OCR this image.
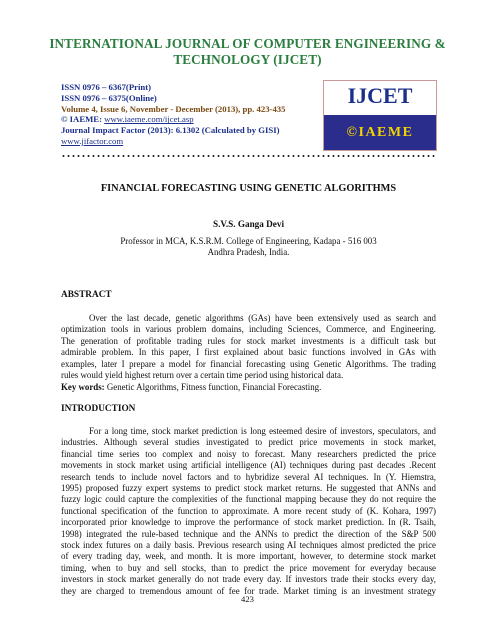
INTERNATIONAL JOURNAL OF COMPUTER ENGINEERING &
TECHNOLOGY (IJCET)
ISSN 0976 – 6367(Print)
ISSN 0976 – 6375(Online)
Volume 4, Issue 6, November - December (2013), pp. 423-435
© IAEME: www.iaeme.com/ijcet.asp
Journal Impact Factor (2013): 6.1302 (Calculated by GISI)
www.jifactor.com
IJCET
©IAEME
FINANCIAL FORECASTING USING GENETIC ALGORITHMS
S.V.S. Ganga Devi
Professor in MCA, K.S.R.M. College of Engineering, Kadapa - 516 003
Andhra Pradesh, India.
ABSTRACT
Over the last decade, genetic algorithms (GAs) have been extensively used as search and
optimization tools in various problem domains, including Sciences, Commerce, and Engineering.
The generation of profitable trading rules for stock market investments is a difficult task but
admirable problem. In this paper, I first explained about basic functions involved in GAs with
examples, later I prepare a model for financial forecasting using Genetic Algorithms. The trading
rules would yield highest return over a certain time period using historical data.
Key words: Genetic Algorithms, Fitness function, Financial Forecasting.
INTRODUCTION
For a long time, stock market prediction is long esteemed desire of investors, speculators, and
industries. Although several studies investigated to predict price movements in stock market,
financial time series too complex and noisy to forecast. Many researchers predicted the price
movements in stock market using artificial intelligence (AI) techniques during past decades .Recent
research tends to include novel factors and to hybridize several AI techniques. In (Y. Hiemstra,
1995) proposed fuzzy expert systems to predict stock market returns. He suggested that ANNs and
fuzzy logic could capture the complexities of the functional mapping because they do not require the
functional specification of the function to approximate. A more recent study of (K. Kohara, 1997)
incorporated prior knowledge to improve the performance of stock market prediction. In (R. Tsaih,
1998) integrated the rule-based technique and the ANNs to predict the direction of the S&P 500
stock index futures on a daily basis. Previous research using AI techniques almost predicted the price
of every trading day, week, and month. It is more important, however, to determine stock market
timing, when to buy and sell stocks, than to predict the price movement for everyday because
investors in stock market generally do not trade every day. If investors trade their stocks every day,
they are charged to tremendous amount of fee for trade. Market timing is an investment strategy
423
